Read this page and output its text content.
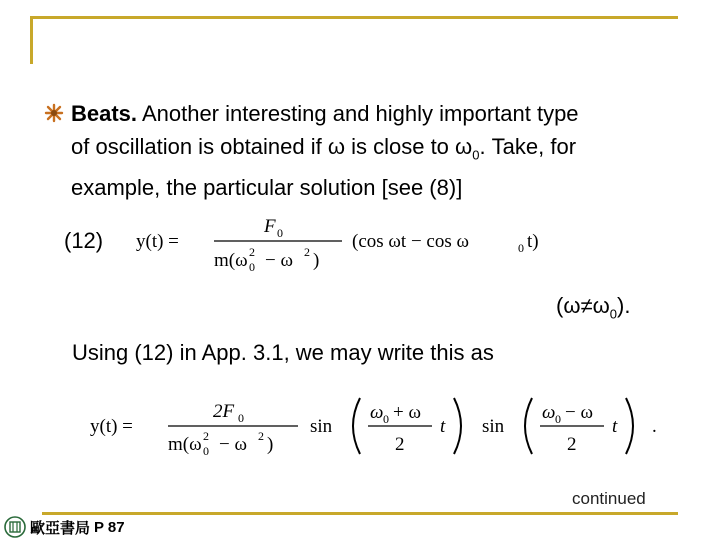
Beats. Another interesting and highly important type
of oscillation is obtained if ω is close to $\omega_0$. Take, for
example, the particular solution [see (8)]
(12) y(t) =
F 0
m(ω 0
2 − ω 2 )
(cos ωt − cos ω	0 t)
$(\omega\ne\omega_0)$.
Using (12) in App. 3.1, we may write this as
y(t) =
2F 0
m(ω 0
2 − ω 2 )
sin
ω 0 + ω
2
t sin
ω 0 − ω
2
t .
continued
歐亞書局 P 87
